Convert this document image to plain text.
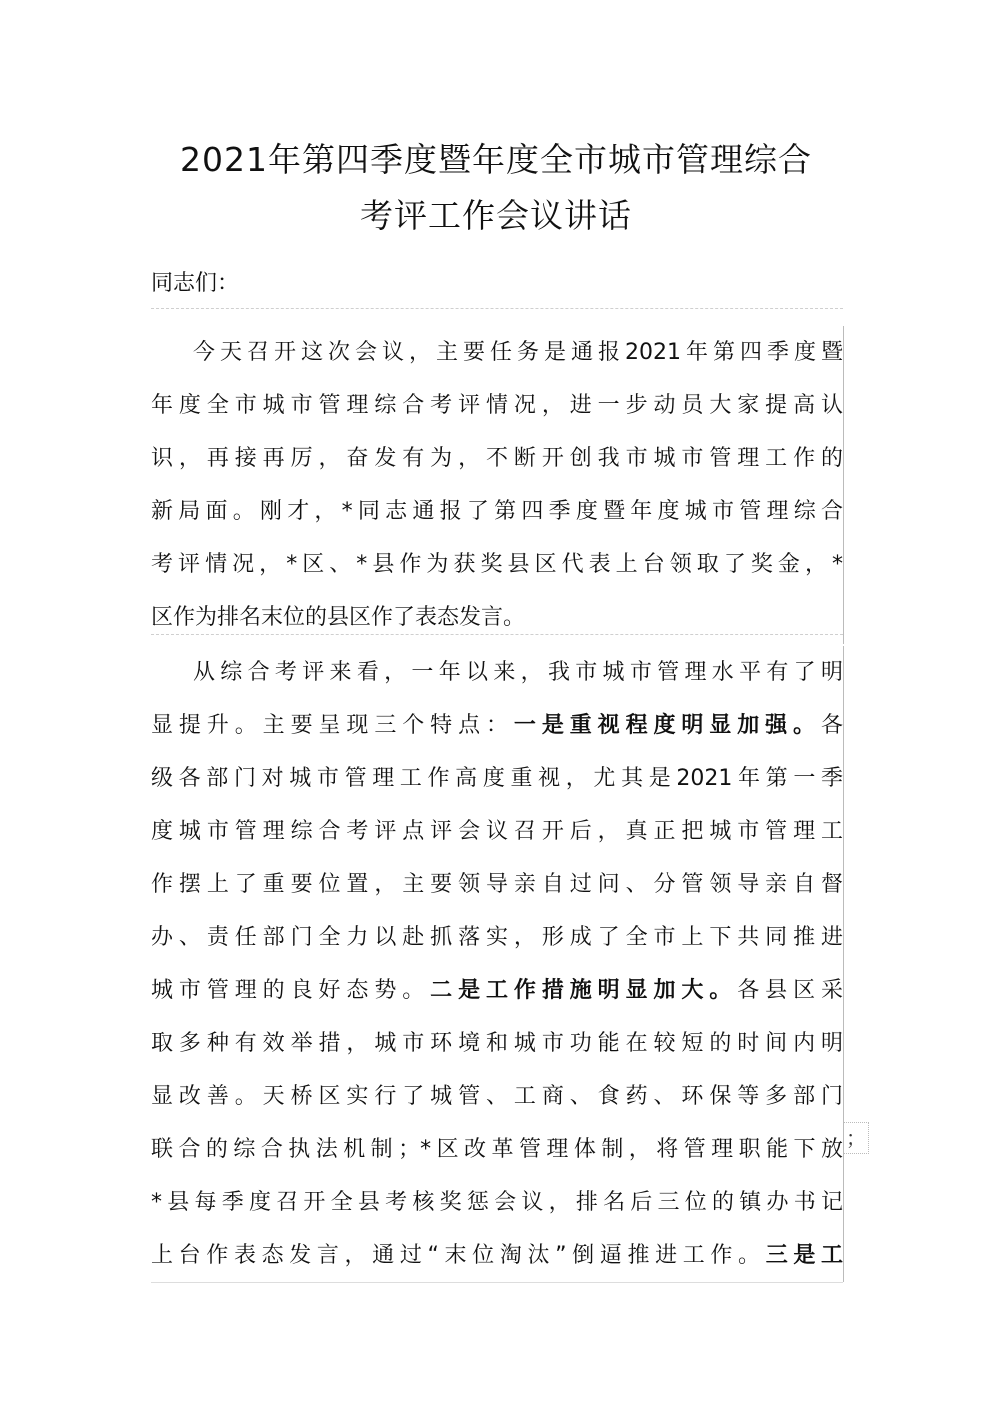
2021年第四季度暨年度全市城市管理综合
考评工作会议讲话
同志们：
今天召开这次会议，主要任务是通报2021年第四季度暨
年度全市城市管理综合考评情况，进一步动员大家提高认
识，再接再厉，奋发有为，不断开创我市城市管理工作的
新局面。刚才，*同志通报了第四季度暨年度城市管理综合
考评情况，*区、*县作为获奖县区代表上台领取了奖金，*
区作为排名末位的县区作了表态发言。
从综合考评来看，一年以来，我市城市管理水平有了明
显提升。主要呈现三个特点：一是重视程度明显加强。各
级各部门对城市管理工作高度重视，尤其是2021年第一季
度城市管理综合考评点评会议召开后，真正把城市管理工
作摆上了重要位置，主要领导亲自过问、分管领导亲自督
办、责任部门全力以赴抓落实，形成了全市上下共同推进
城市管理的良好态势。二是工作措施明显加大。各县区采
取多种有效举措，城市环境和城市功能在较短的时间内明
显改善。天桥区实行了城管、工商、食药、环保等多部门
联合的综合执法机制；*区改革管理体制，将管理职能下放
*县每季度召开全县考核奖惩会议，排名后三位的镇办书记
上台作表态发言，通过“末位淘汰”倒逼推进工作。三是工
；
